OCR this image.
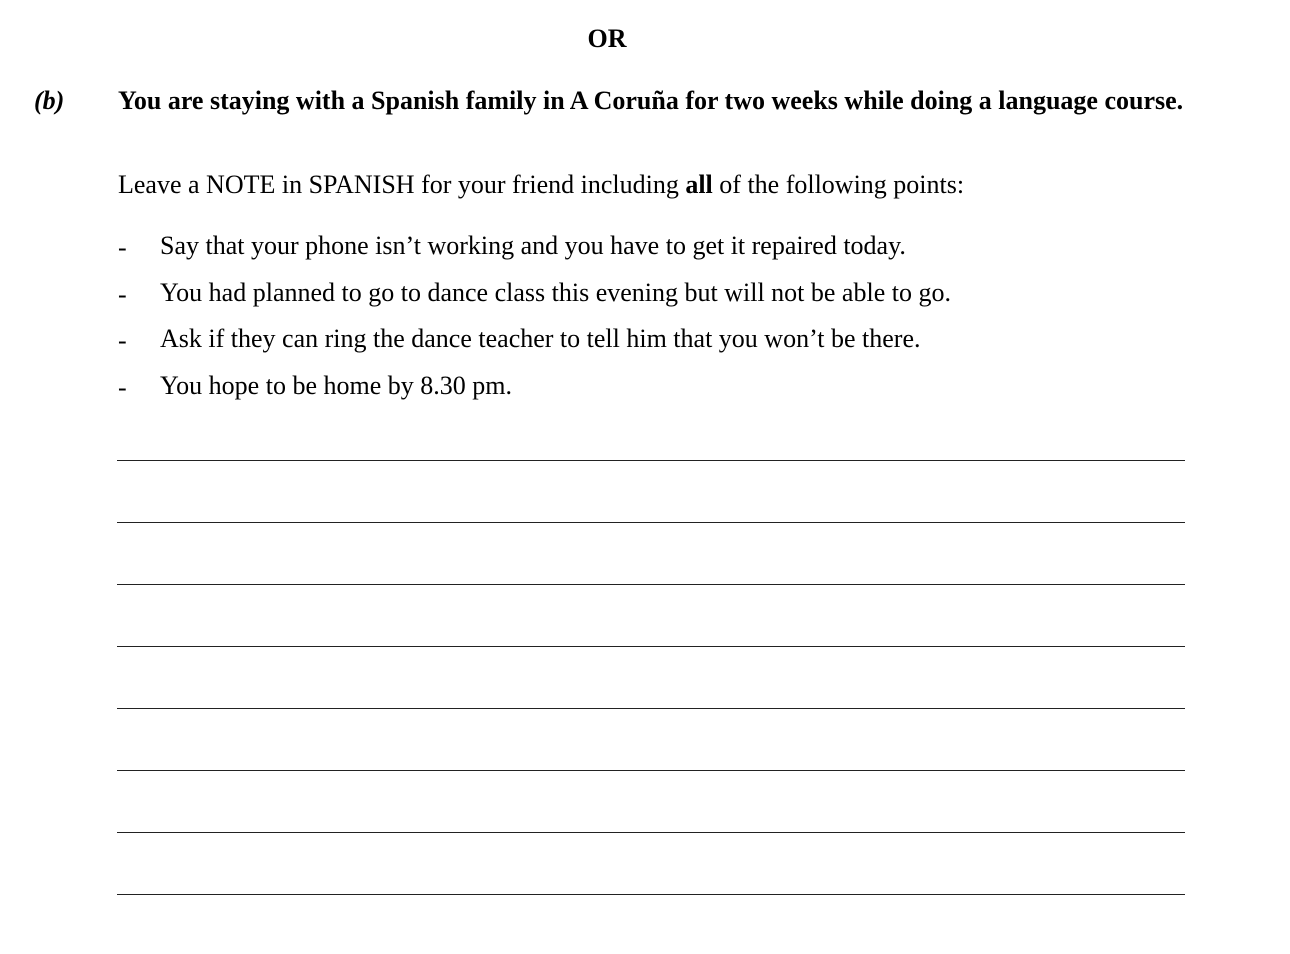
OR
(b) You are staying with a Spanish family in A Coruña for two weeks while doing a language course.
Leave a NOTE in SPANISH for your friend including all of the following points:
-	Say that your phone isn’t working and you have to get it repaired today.
-	You had planned to go to dance class this evening but will not be able to go.
-	Ask if they can ring the dance teacher to tell him that you won’t be there.
-	You hope to be home by 8.30 pm.
